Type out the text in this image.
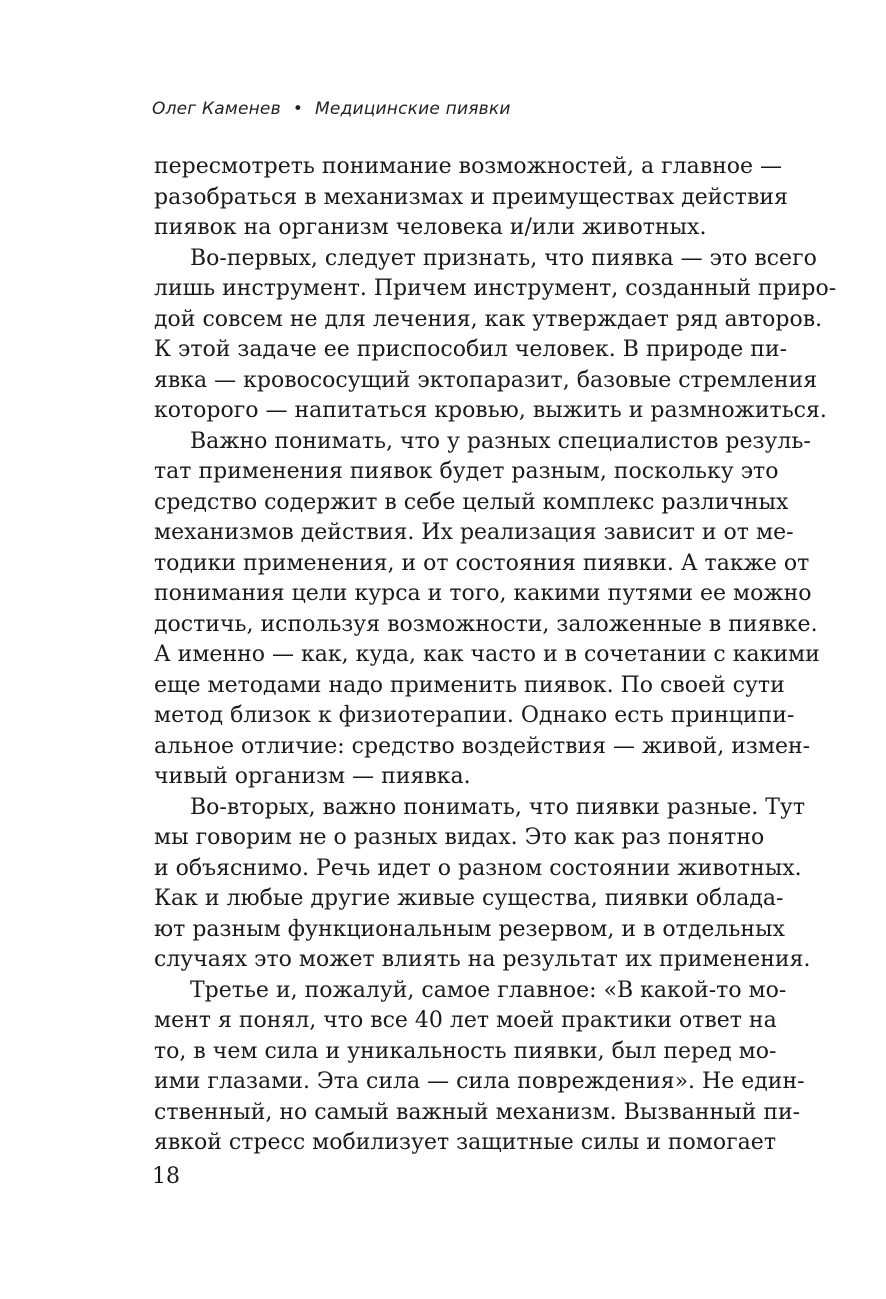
Олег Каменев • Медицинские пиявки
пересмотреть понимание возможностей, а главное —
разобраться в механизмах и преимуществах действия
пиявок на организм человека и/или животных.
Во-первых, следует признать, что пиявка — это всего
лишь инструмент. Причем инструмент, созданный приро-
дой совсем не для лечения, как утверждает ряд авторов.
К этой задаче ее приспособил человек. В природе пи-
явка — кровососущий эктопаразит, базовые стремления
которого — напитаться кровью, выжить и размножиться.
Важно понимать, что у разных специалистов резуль-
тат применения пиявок будет разным, поскольку это
средство содержит в себе целый комплекс различных
механизмов действия. Их реализация зависит и от ме-
тодики применения, и от состояния пиявки. А также от
понимания цели курса и того, какими путями ее можно
достичь, используя возможности, заложенные в пиявке.
А именно — как, куда, как часто и в сочетании с какими
еще методами надо применить пиявок. По своей сути
метод близок к физиотерапии. Однако есть принципи-
альное отличие: средство воздействия — живой, измен-
чивый организм — пиявка.
Во-вторых, важно понимать, что пиявки разные. Тут
мы говорим не о разных видах. Это как раз понятно
и объяснимо. Речь идет о разном состоянии животных.
Как и любые другие живые существа, пиявки облада-
ют разным функциональным резервом, и в отдельных
случаях это может влиять на результат их применения.
Третье и, пожалуй, самое главное: «В какой-то мо-
мент я понял, что все 40 лет моей практики ответ на
то, в чем сила и уникальность пиявки, был перед мо-
ими глазами. Эта сила — сила повреждения». Не един-
ственный, но самый важный механизм. Вызванный пи-
явкой стресс мобилизует защитные силы и помогает
18
